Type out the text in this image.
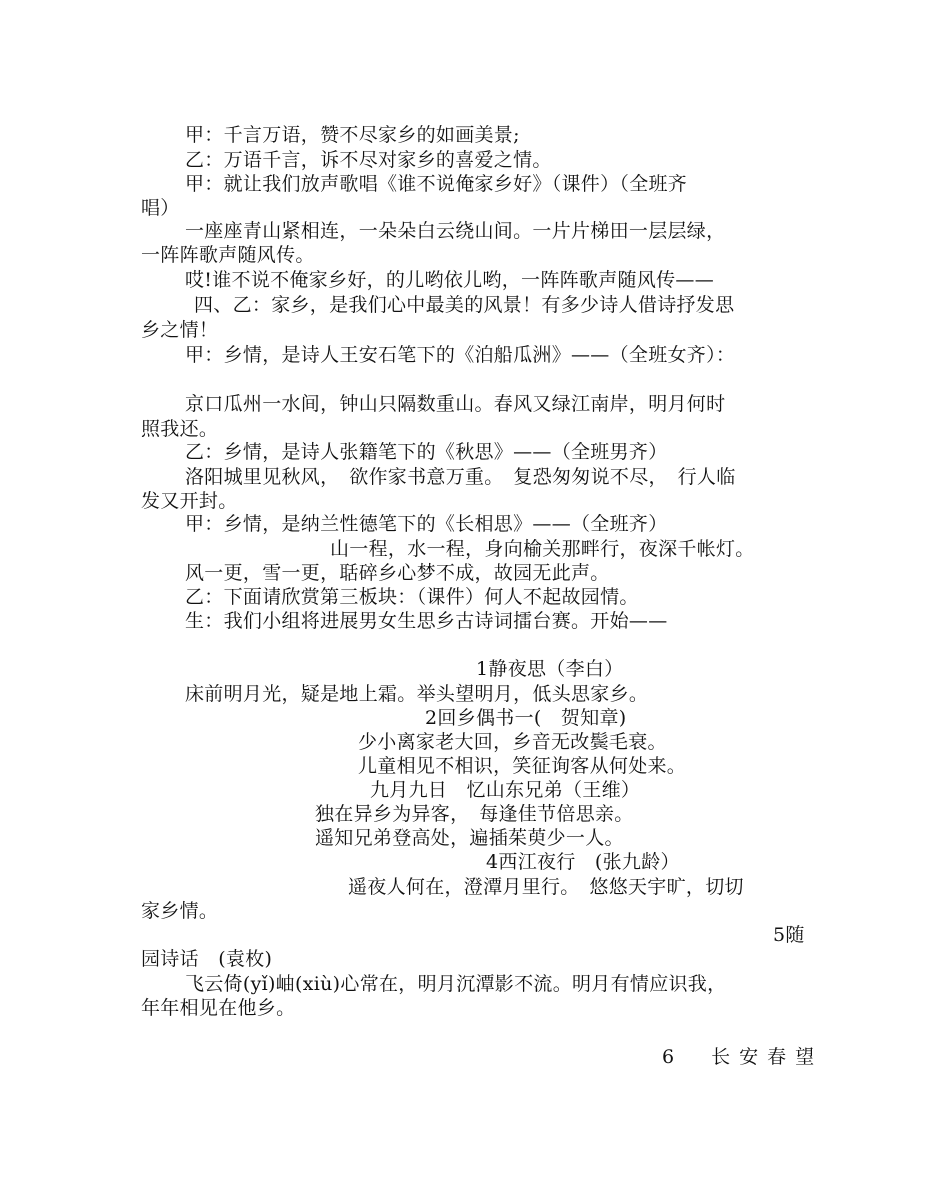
甲：千言万语，赞不尽家乡的如画美景;
乙：万语千言，诉不尽对家乡的喜爱之情。
甲：就让我们放声歌唱《谁不说俺家乡好》（课件）（全班齐
唱）
一座座青山紧相连，一朵朵白云绕山间。一片片梯田一层层绿，
一阵阵歌声随风传。
哎!谁不说不俺家乡好，的儿哟依儿哟，一阵阵歌声随风传——
四、乙：家乡，是我们心中最美的风景！有多少诗人借诗抒发思
乡之情！
甲：乡情，是诗人王安石笔下的《泊船瓜洲》——（全班女齐）：
京口瓜州一水间，钟山只隔数重山。春风又绿江南岸，明月何时
照我还。
乙：乡情，是诗人张籍笔下的《秋思》——（全班男齐）
洛阳城里见秋风，　欲作家书意万重。　复恐匆匆说不尽，　行人临
发又开封。
甲：乡情，是纳兰性德笔下的《长相思》——（全班齐）
山一程，水一程，身向榆关那畔行，夜深千帐灯。
风一更，雪一更，聒碎乡心梦不成，故园无此声。
乙：下面请欣赏第三板块：（课件）何人不起故园情。
生：我们小组将进展男女生思乡古诗词擂台赛。开始——
1静夜思（李白）
床前明月光，疑是地上霜。举头望明月，低头思家乡。
2回乡偶书一(　贺知章)
少小离家老大回，乡音无改鬓毛衰。
儿童相见不相识，笑征询客从何处来。
九月九日　忆山东兄弟（王维）
独在异乡为异客，　每逢佳节倍思亲。
遥知兄弟登高处，遍插茱萸少一人。
4西江夜行　(张九龄）
遥夜人何在，澄潭月里行。　悠悠天宇旷，切切
家乡情。
5随
园诗话　(袁枚)
飞云倚(yǐ)岫(xiù)心常在，明月沉潭影不流。明月有情应识我，
年年相见在他乡。
6　长安春望
